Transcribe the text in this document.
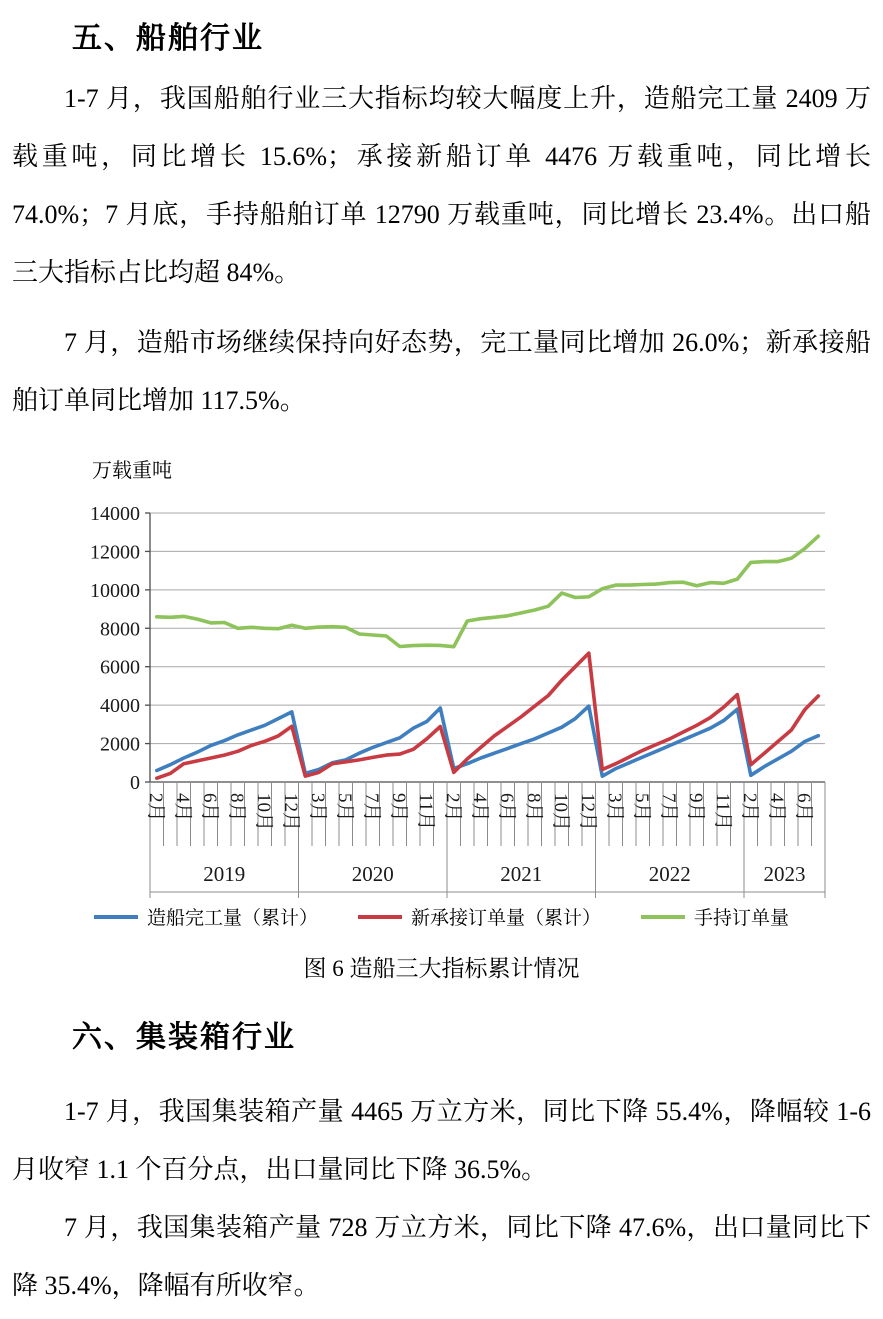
五、船舶行业

1-7 月，我国船舶行业三大指标均较大幅度上升，造船完工量 2409 万载重吨，同比增长 15.6%；承接新船订单 4476 万载重吨，同比增长 74.0%；7 月底，手持船舶订单 12790 万载重吨，同比增长 23.4%。出口船三大指标占比均超 84%。

7 月，造船市场继续保持向好态势，完工量同比增加 26.0%；新承接船舶订单同比增加 117.5%。

万载重吨
0
2000
4000
6000
8000
10000
12000
14000
2月 4月 6月 8月 10月 12月 3月 5月 7月 9月 11月 2月 4月 6月 8月 10月 12月 3月 5月 7月 9月 11月 2月 4月 6月
2019	2020	2021	2022	2023
造船完工量（累计）	新承接订单量（累计）	手持订单量
图 6 造船三大指标累计情况
六、集装箱行业

1-7 月，我国集装箱产量 4465 万立方米，同比下降 55.4%，降幅较 1-6 月收窄 1.1 个百分点，出口量同比下降 36.5%。

7 月，我国集装箱产量 728 万立方米，同比下降 47.6%，出口量同比下降 35.4%，降幅有所收窄。
